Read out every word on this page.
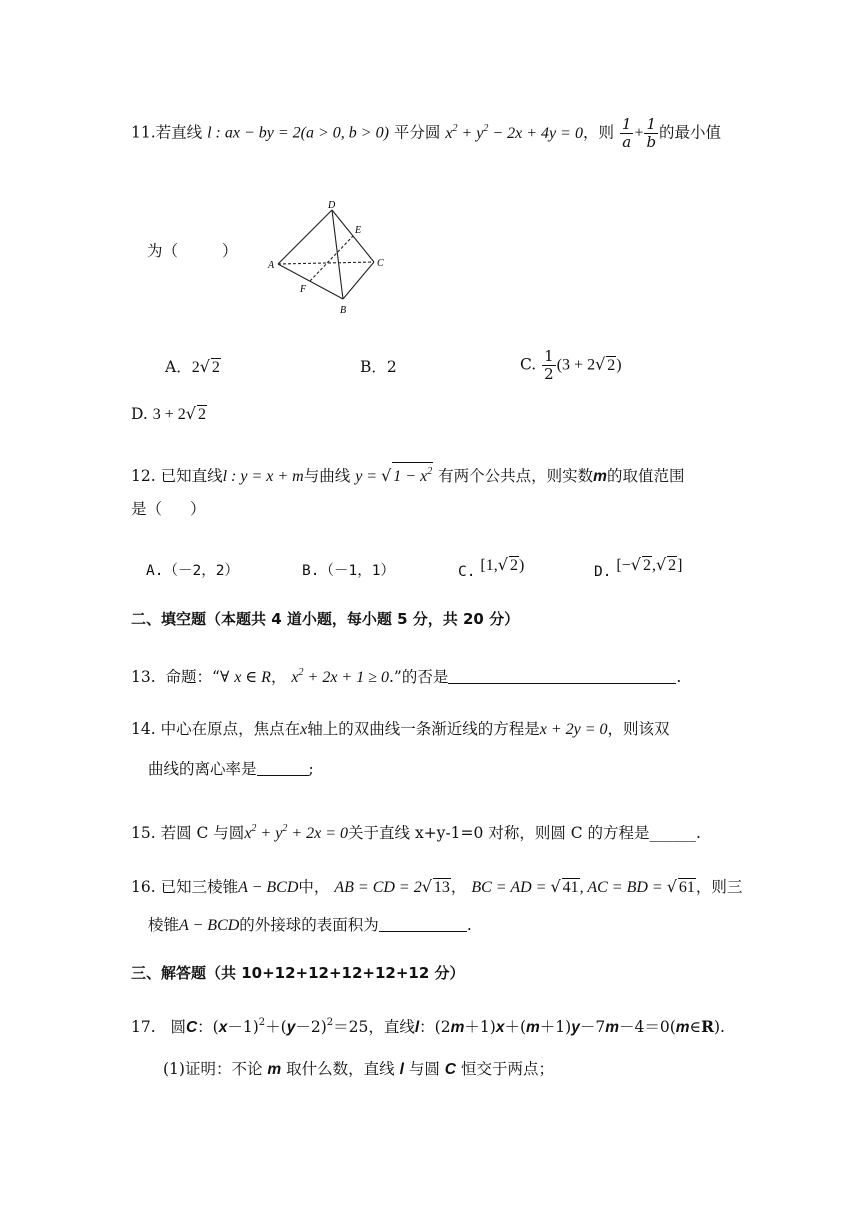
11.若直线 l : ax − by = 2(a > 0, b > 0) 平分圆 $x^2 + y^2 - 2x + 4y = 0$，则 $\frac{1}{a} + \frac{1}{b}$ 的最小值
为（	）
D
E
A	C
F
B
A．2√ 2	B．2	C. $\frac{1}{2} (3 + 2√$ 2)
D. 3 + 2√ 2
12. 已知直线l : y = x + m与曲线 y = √ $1 - x^2$ 有两个公共点，则实数m的取值范围
是（ ）
A.（－2，2）	B.（－1，1）	C. [1,√ 2)	D. [−√ 2,√ 2]
二、填空题（本题共 4 道小题，每小题 5 分，共 20 分）
13. 命题：“∀ x ∈ R， $x^2 + 2x + 1 \ge 0$.”的否是	.
14. 中心在原点，焦点在x轴上的双曲线一条渐近线的方程是x + 2y = 0，则该双
曲线的离心率是	;
15. 若圆 C 与圆$x^2 + y^2 + 2x = 0$关于直线 x+y-1=0 对称，则圆 C 的方程是______.
16. 已知三棱锥A − BCD中， AB = CD = 2√ 13， BC = AD = √ 41, AC = BD = √ 61，则三
棱锥A − BCD的外接球的表面积为	.
三、解答题（共 10+12+12+12+12+12 分）
17. 圆C：$(x-1)^2+(y-2)^2=25$，直线l：(2m＋1)x＋(m＋1)y－7m－4＝0(m∈R).
(1)证明：不论 m 取什么数，直线 l 与圆 C 恒交于两点；
